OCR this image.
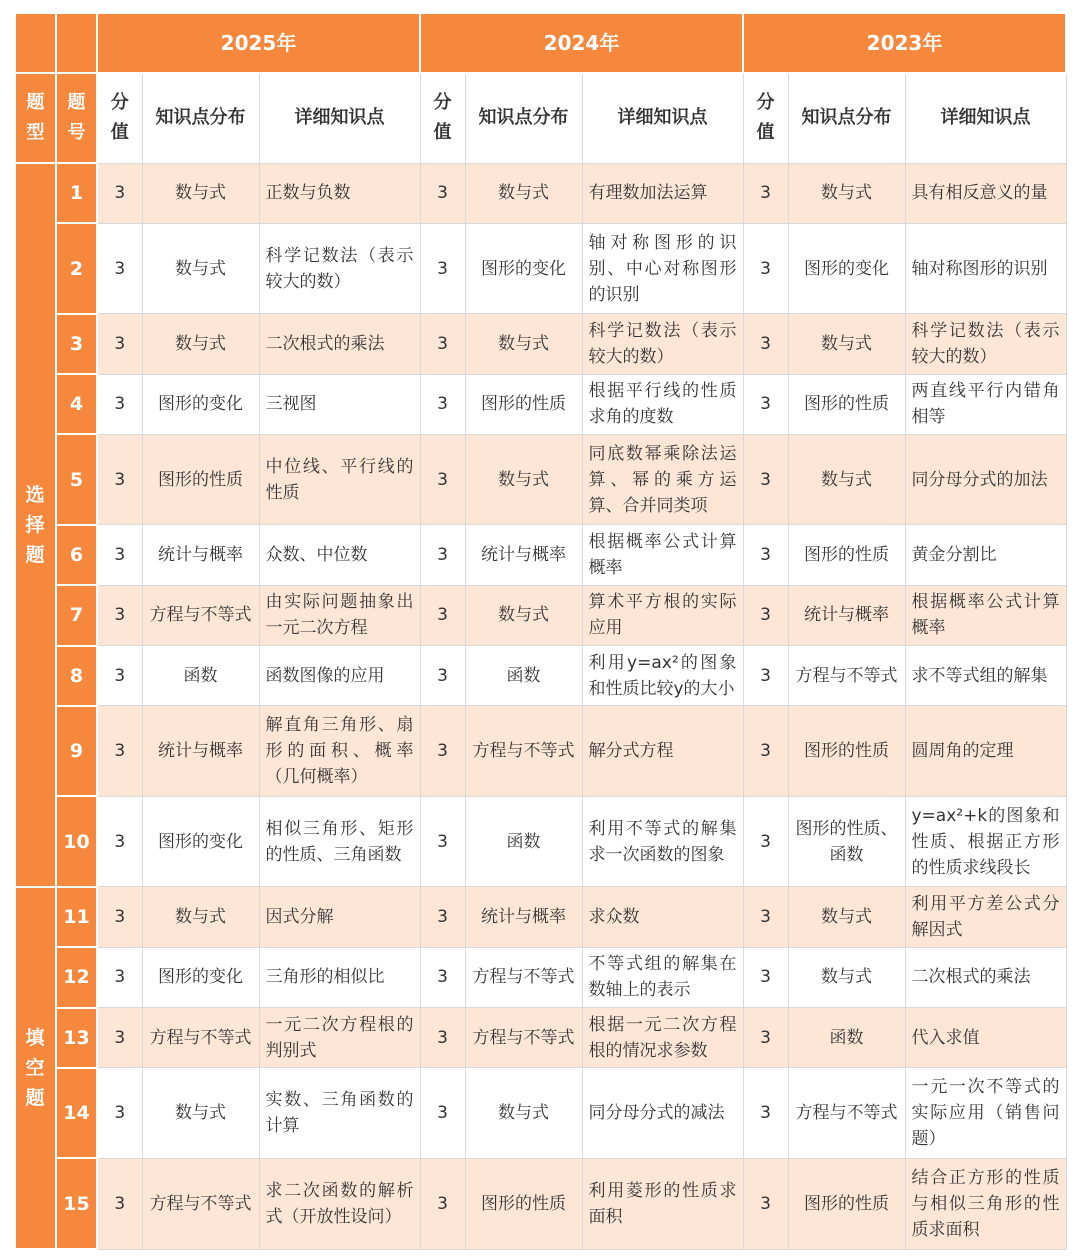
		2025年			2024年			2023年		
题型	题号	分值	知识点分布	详细知识点	分值	知识点分布	详细知识点	分值	知识点分布	详细知识点
选择题	1	3	数与式	正数与负数	3	数与式	有理数加法运算	3	数与式	具有相反意义的量
	2	3	数与式	科学记数法（表示较大的数）	3	图形的变化	轴对称图形的识别、中心对称图形的识别	3	图形的变化	轴对称图形的识别
	3	3	数与式	二次根式的乘法	3	数与式	科学记数法（表示较大的数）	3	数与式	科学记数法（表示较大的数）
	4	3	图形的变化	三视图	3	图形的性质	根据平行线的性质求角的度数	3	图形的性质	两直线平行内错角相等
	5	3	图形的性质	中位线、平行线的性质	3	数与式	同底数幂乘除法运算、幂的乘方运算、合并同类项	3	数与式	同分母分式的加法
	6	3	统计与概率	众数、中位数	3	统计与概率	根据概率公式计算概率	3	图形的性质	黄金分割比
	7	3	方程与不等式	由实际问题抽象出一元二次方程	3	数与式	算术平方根的实际应用	3	统计与概率	根据概率公式计算概率
	8	3	函数	函数图像的应用	3	函数	利用y=ax²的图象和性质比较y的大小	3	方程与不等式	求不等式组的解集
	9	3	统计与概率	解直角三角形、扇形的面积、概率（几何概率）	3	方程与不等式	解分式方程	3	图形的性质	圆周角的定理
	10	3	图形的变化	相似三角形、矩形的性质、三角函数	3	函数	利用不等式的解集求一次函数的图象	3	图形的性质、函数	y=ax²+k的图象和性质、根据正方形的性质求线段长
填空题	11	3	数与式	因式分解	3	统计与概率	求众数	3	数与式	利用平方差公式分解因式
	12	3	图形的变化	三角形的相似比	3	方程与不等式	不等式组的解集在数轴上的表示	3	数与式	二次根式的乘法
	13	3	方程与不等式	一元二次方程根的判别式	3	方程与不等式	根据一元二次方程根的情况求参数	3	函数	代入求值
	14	3	数与式	实数、三角函数的计算	3	数与式	同分母分式的减法	3	方程与不等式	一元一次不等式的实际应用（销售问题）
	15	3	方程与不等式	求二次函数的解析式（开放性设问）	3	图形的性质	利用菱形的性质求面积	3	图形的性质	结合正方形的性质与相似三角形的性质求面积
